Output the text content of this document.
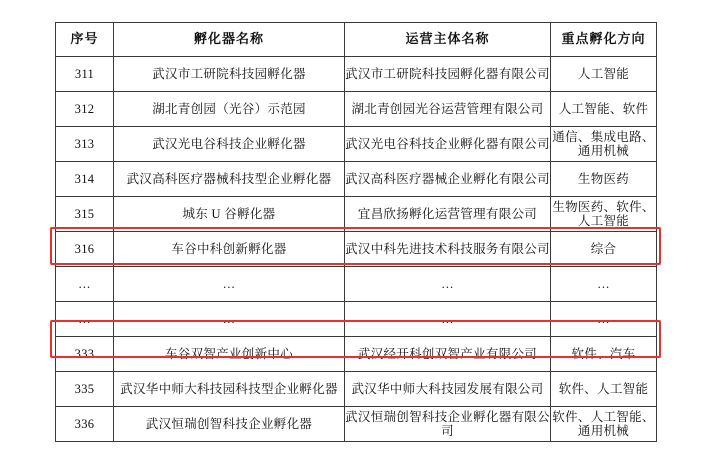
序号	孵化器名称	运营主体名称	重点孵化方向
311	武汉市工研院科技园孵化器	武汉市工研院科技园孵化器有限公司	人工智能
312	湖北青创园（光谷）示范园	湖北青创园光谷运营管理有限公司	人工智能、软件
313	武汉光电谷科技企业孵化器	武汉光电谷科技企业孵化器有限公司	通信、集成电路、通用机械
314	武汉高科医疗器械科技型企业孵化器	武汉高科医疗器械企业孵化有限公司	生物医药
315	城东 U 谷孵化器	宜昌欣扬孵化运营管理有限公司	生物医药、软件、人工智能
316	车谷中科创新孵化器	武汉中科先进技术科技服务有限公司	综合
…	…	…	…
…	…	…	…
333	车谷双智产业创新中心	武汉经开科创双智产业有限公司	软件、汽车
335	武汉华中师大科技园科技型企业孵化器	武汉华中师大科技园发展有限公司	软件、人工智能
336	武汉恒瑞创智科技企业孵化器	武汉恒瑞创智科技企业孵化器有限公司	软件、人工智能、通用机械
